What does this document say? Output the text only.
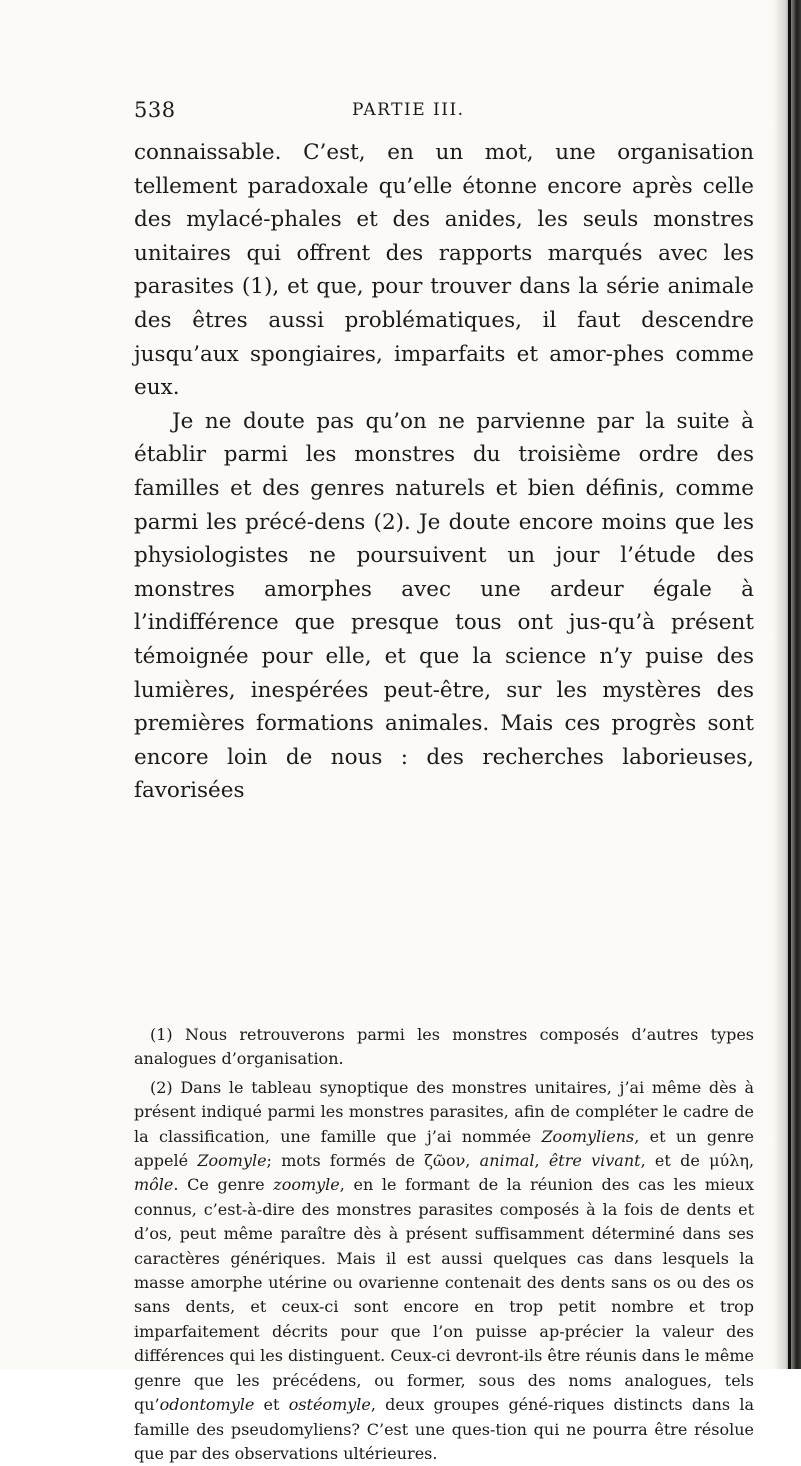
538	PARTIE III.

connaissable. C’est, en un mot, une organisation tellement paradoxale qu’elle étonne encore après celle des mylacé-phales et des anides, les seuls monstres unitaires qui offrent des rapports marqués avec les parasites (1), et que, pour trouver dans la série animale des êtres aussi problématiques, il faut descendre jusqu’aux spongiaires, imparfaits et amor-phes comme eux.

Je ne doute pas qu’on ne parvienne par la suite à établir parmi les monstres du troisième ordre des familles et des genres naturels et bien définis, comme parmi les précé-dens (2). Je doute encore moins que les physiologistes ne poursuivent un jour l’étude des monstres amorphes avec une ardeur égale à l’indifférence que presque tous ont jus-qu’à présent témoignée pour elle, et que la science n’y puise des lumières, inespérées peut-être, sur les mystères des premières formations animales. Mais ces progrès sont encore loin de nous : des recherches laborieuses, favorisées

(1) Nous retrouverons parmi les monstres composés d’autres types analogues d’organisation.

(2) Dans le tableau synoptique des monstres unitaires, j’ai même dès à présent indiqué parmi les monstres parasites, afin de compléter le cadre de la classification, une famille que j’ai nommée Zoomyliens, et un genre appelé Zoomyle; mots formés de ζῶον, animal, être vivant, et de μύλη, môle. Ce genre zoomyle, en le formant de la réunion des cas les mieux connus, c’est-à-dire des monstres parasites composés à la fois de dents et d’os, peut même paraître dès à présent suffisamment déterminé dans ses caractères génériques. Mais il est aussi quelques cas dans lesquels la masse amorphe utérine ou ovarienne contenait des dents sans os ou des os sans dents, et ceux-ci sont encore en trop petit nombre et trop imparfaitement décrits pour que l’on puisse ap-précier la valeur des différences qui les distinguent. Ceux-ci devront-ils être réunis dans le même genre que les précédens, ou former, sous des noms analogues, tels qu’odontomyle et ostéomyle, deux groupes géné-riques distincts dans la famille des pseudomyliens? C’est une ques-tion qui ne pourra être résolue que par des observations ultérieures.
